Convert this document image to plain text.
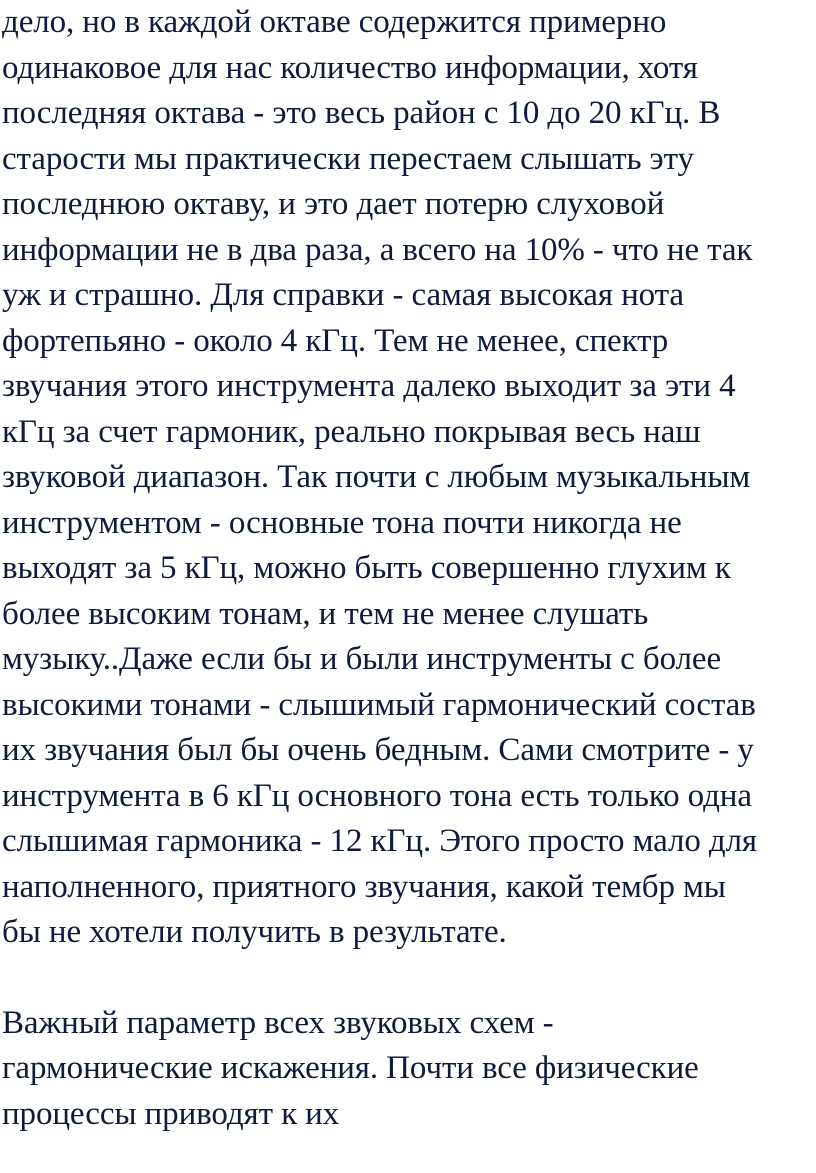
дело, но в каждой октаве содержится примерно
одинаковое для нас количество информации, хотя
последняя октава - это весь район с 10 до 20 кГц. В
старости мы практически перестаем слышать эту
последнюю октаву, и это дает потерю слуховой
информации не в два раза, а всего на 10% - что не так
уж и страшно. Для справки - самая высокая нота
фортепьяно - около 4 кГц. Тем не менее, спектр
звучания этого инструмента далеко выходит за эти 4
кГц за счет гармоник, реально покрывая весь наш
звуковой диапазон. Так почти с любым музыкальным
инструментом - основные тона почти никогда не
выходят за 5 кГц, можно быть совершенно глухим к
более высоким тонам, и тем не менее слушать
музыку..Даже если бы и были инструменты с более
высокими тонами - слышимый гармонический состав
их звучания был бы очень бедным. Сами смотрите - у
инструмента в 6 кГц основного тона есть только одна
слышимая гармоника - 12 кГц. Этого просто мало для
наполненного, приятного звучания, какой тембр мы
бы не хотели получить в результате.
Важный параметр всех звуковых схем -
гармонические искажения. Почти все физические
процессы приводят к их
